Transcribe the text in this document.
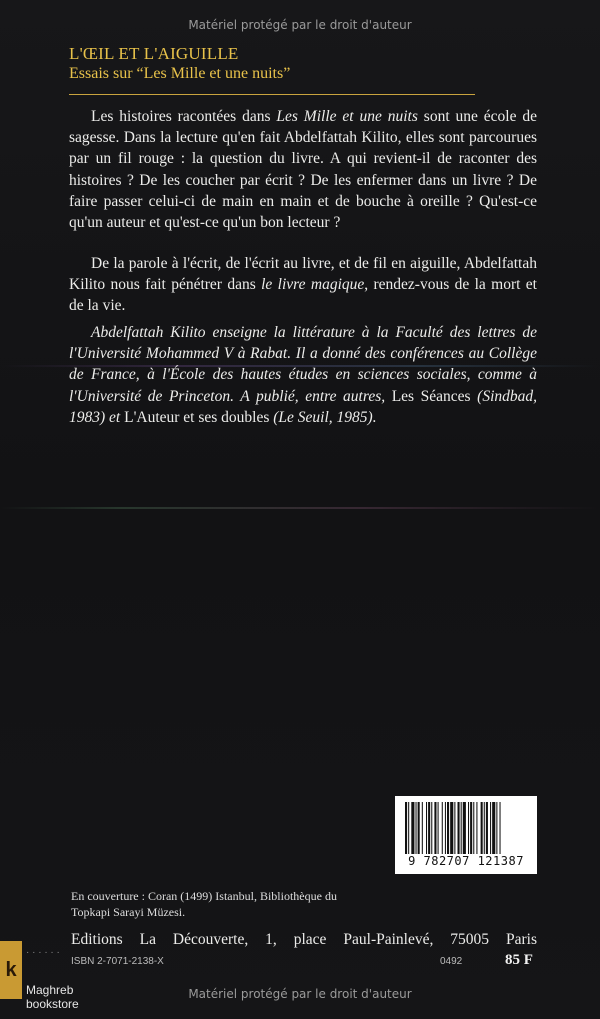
Matériel protégé par le droit d'auteur
L'ŒIL ET L'AIGUILLE
Essais sur “Les Mille et une nuits”

Les histoires racontées dans Les Mille et une nuits sont une école de sagesse. Dans la lecture qu'en fait Abdelfattah Kilito, elles sont parcourues par un fil rouge : la question du livre. A qui revient-il de raconter des histoires ? De les coucher par écrit ? De les enfermer dans un livre ? De faire passer celui-ci de main en main et de bouche à oreille ? Qu'est-ce qu'un auteur et qu'est-ce qu'un bon lecteur ?

De la parole à l'écrit, de l'écrit au livre, et de fil en aiguille, Abdelfattah Kilito nous fait pénétrer dans le livre magique, rendez-vous de la mort et de la vie.

Abdelfattah Kilito enseigne la littérature à la Faculté des lettres de l'Université Mohammed V à Rabat. Il a donné des conférences au Collège de France, à l'École des hautes études en sciences sociales, comme à l'Université de Princeton. A publié, entre autres, Les Séances (Sindbad, 1983) et L'Auteur et ses doubles (Le Seuil, 1985).

9 782707 121387
En couverture : Coran (1499) Istanbul, Bibliothèque du Topkapi Sarayi Müzesi.
Editions La Découverte, 1, place Paul-Painlevé, 75005 Paris
ISBN 2-7071-2138-X	0492	85 F
k
· · · · · ·
Maghreb bookstore
Matériel protégé par le droit d'auteur
